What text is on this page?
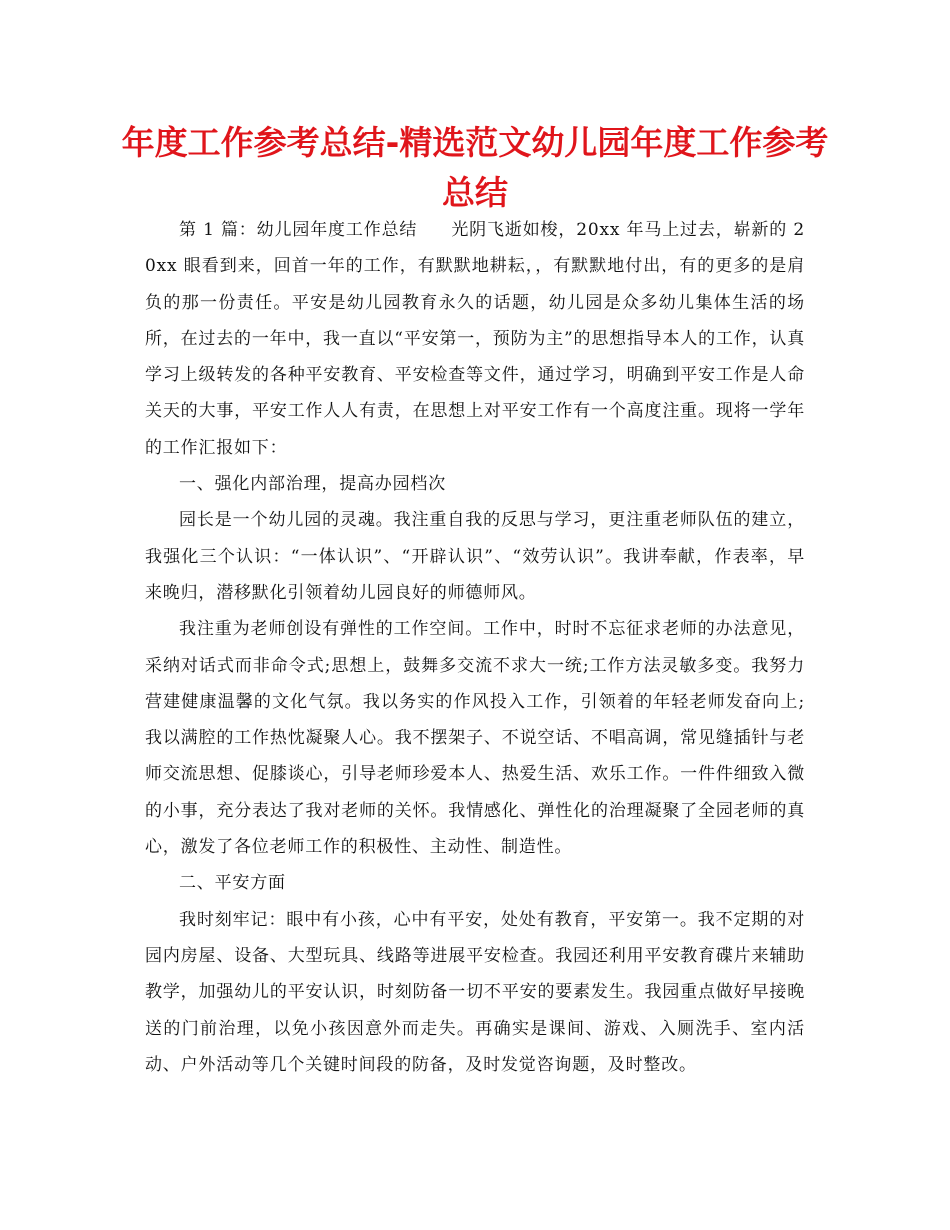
年度工作参考总结-精选范文幼儿园年度工作参考总结

第 1 篇：幼儿园年度工作总结 光阴飞逝如梭，20xx 年马上过去，崭新的 20xx 眼看到来，回首一年的工作，有默默地耕耘，，有默默地付出，有的更多的是肩负的那一份责任。平安是幼儿园教育永久的话题，幼儿园是众多幼儿集体生活的场所，在过去的一年中，我一直以“平安第一，预防为主”的思想指导本人的工作，认真学习上级转发的各种平安教育、平安检查等文件，通过学习，明确到平安工作是人命关天的大事，平安工作人人有责，在思想上对平安工作有一个高度注重。现将一学年的工作汇报如下：

一、强化内部治理，提高办园档次

园长是一个幼儿园的灵魂。我注重自我的反思与学习，更注重老师队伍的建立，我强化三个认识：“一体认识”、“开辟认识”、“效劳认识”。我讲奉献，作表率，早来晚归，潜移默化引领着幼儿园良好的师德师风。

我注重为老师创设有弹性的工作空间。工作中，时时不忘征求老师的办法意见，采纳对话式而非命令式;思想上，鼓舞多交流不求大一统;工作方法灵敏多变。我努力营建健康温馨的文化气氛。我以务实的作风投入工作，引领着的年轻老师发奋向上;我以满腔的工作热忱凝聚人心。我不摆架子、不说空话、不唱高调，常见缝插针与老师交流思想、促膝谈心，引导老师珍爱本人、热爱生活、欢乐工作。一件件细致入微的小事，充分表达了我对老师的关怀。我情感化、弹性化的治理凝聚了全园老师的真心，激发了各位老师工作的积极性、主动性、制造性。

二、平安方面

我时刻牢记：眼中有小孩，心中有平安，处处有教育，平安第一。我不定期的对园内房屋、设备、大型玩具、线路等进展平安检查。我园还利用平安教育碟片来辅助教学，加强幼儿的平安认识，时刻防备一切不平安的要素发生。我园重点做好早接晚送的门前治理，以免小孩因意外而走失。再确实是课间、游戏、入厕洗手、室内活动、户外活动等几个关键时间段的防备，及时发觉咨询题，及时整改。
